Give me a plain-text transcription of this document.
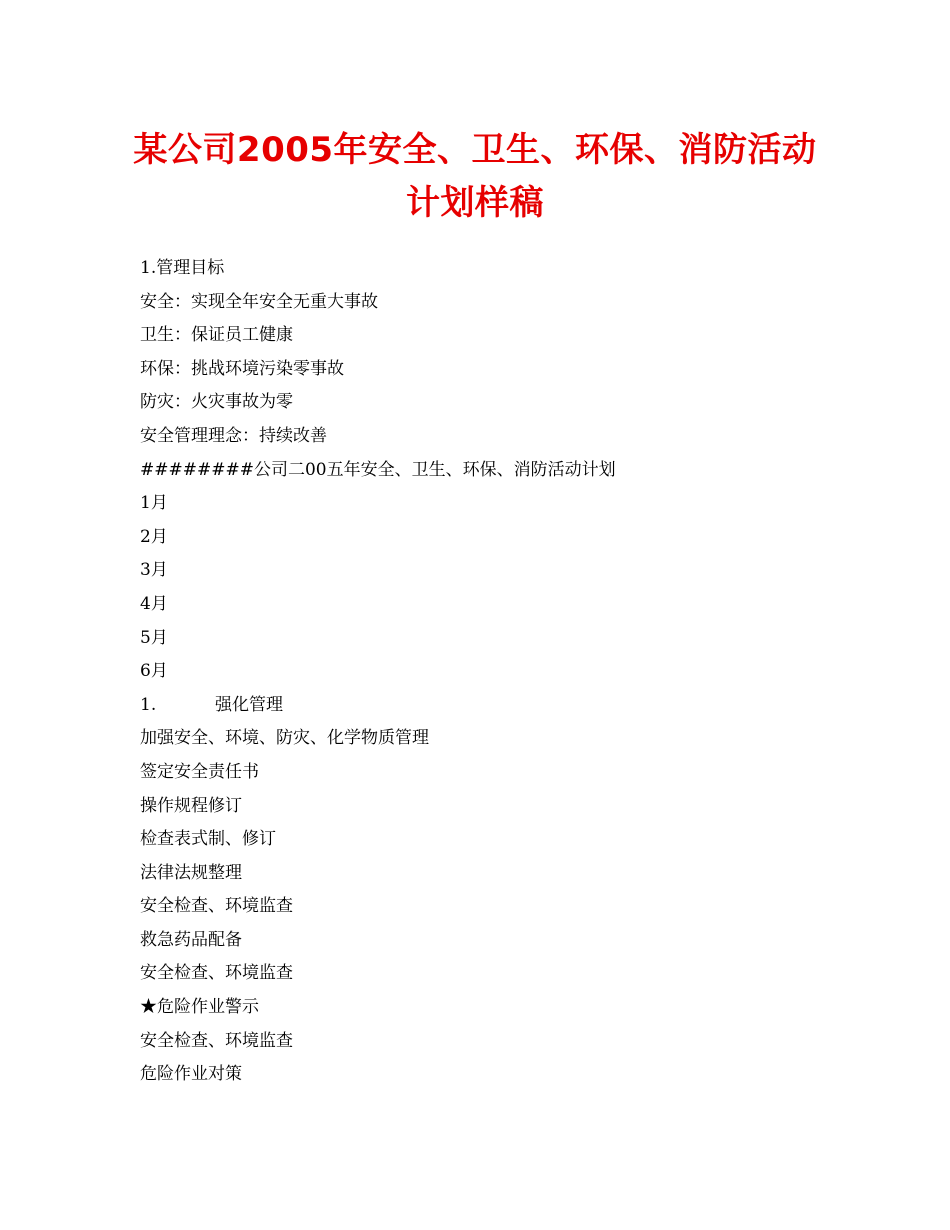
某公司2005年安全、卫生、环保、消防活动
计划样稿
1.管理目标
安全：实现全年安全无重大事故
卫生：保证员工健康
环保：挑战环境污染零事故
防灾：火灾事故为零
安全管理理念：持续改善
########公司二00五年安全、卫生、环保、消防活动计划
1月
2月
3月
4月
5月
6月
1.	强化管理
加强安全、环境、防灾、化学物质管理
签定安全责任书
操作规程修订
检查表式制、修订
法律法规整理
安全检查、环境监查
救急药品配备
安全检查、环境监查
★危险作业警示
安全检查、环境监查
危险作业对策
